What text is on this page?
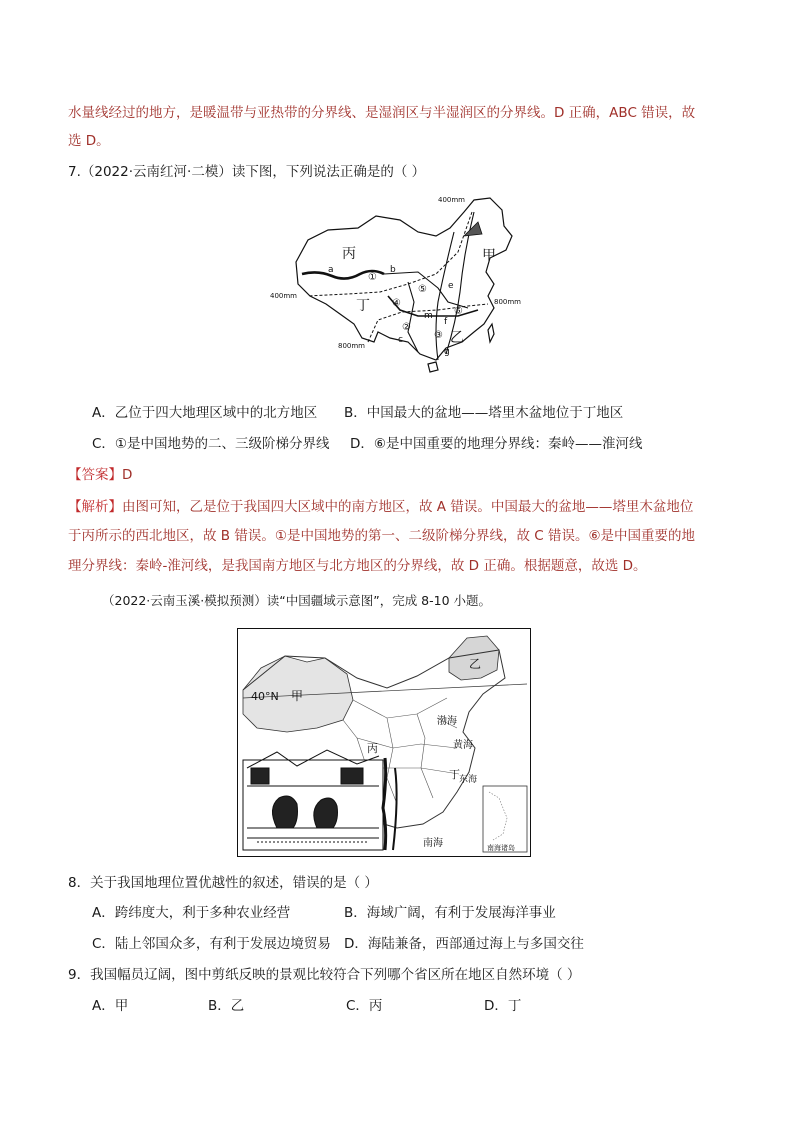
水量线经过的地方，是暖温带与亚热带的分界线、是湿润区与半湿润区的分界线。D 正确，ABC 错误，故
选 D。
7.（2022·云南红河·二模）读下图，下列说法正确是的（ ）
丙	甲
丁
乙
400mm
400mm
800mm
800mm
a	b
c
e
f
g
m
①
②
③
④
⑤
⑥
A．乙位于四大地理区域中的北方地区 B．中国最大的盆地——塔里木盆地位于丁地区
C．①是中国地势的二、三级阶梯分界线 D．⑥是中国重要的地理分界线：秦岭——淮河线
【答案】D
【解析】由图可知，乙是位于我国四大区域中的南方地区，故 A 错误。中国最大的盆地——塔里木盆地位
于丙所示的西北地区，故 B 错误。①是中国地势的第一、二级阶梯分界线，故 C 错误。⑥是中国重要的地
理分界线：秦岭-淮河线，是我国南方地区与北方地区的分界线，故 D 正确。根据题意，故选 D。
（2022·云南玉溪·模拟预测）读“中国疆域示意图”，完成 8-10 小题。
40°N 甲
乙
丙
丁
渤海
黄海
东海
南海	南海诸岛
8．关于我国地理位置优越性的叙述，错误的是（ ）
A．跨纬度大，利于多种农业经营	B．海域广阔，有利于发展海洋事业
C．陆上邻国众多，有利于发展边境贸易 D．海陆兼备，西部通过海上与多国交往
9．我国幅员辽阔，图中剪纸反映的景观比较符合下列哪个省区所在地区自然环境（ ）
A．甲	B．乙	C．丙	D．丁
